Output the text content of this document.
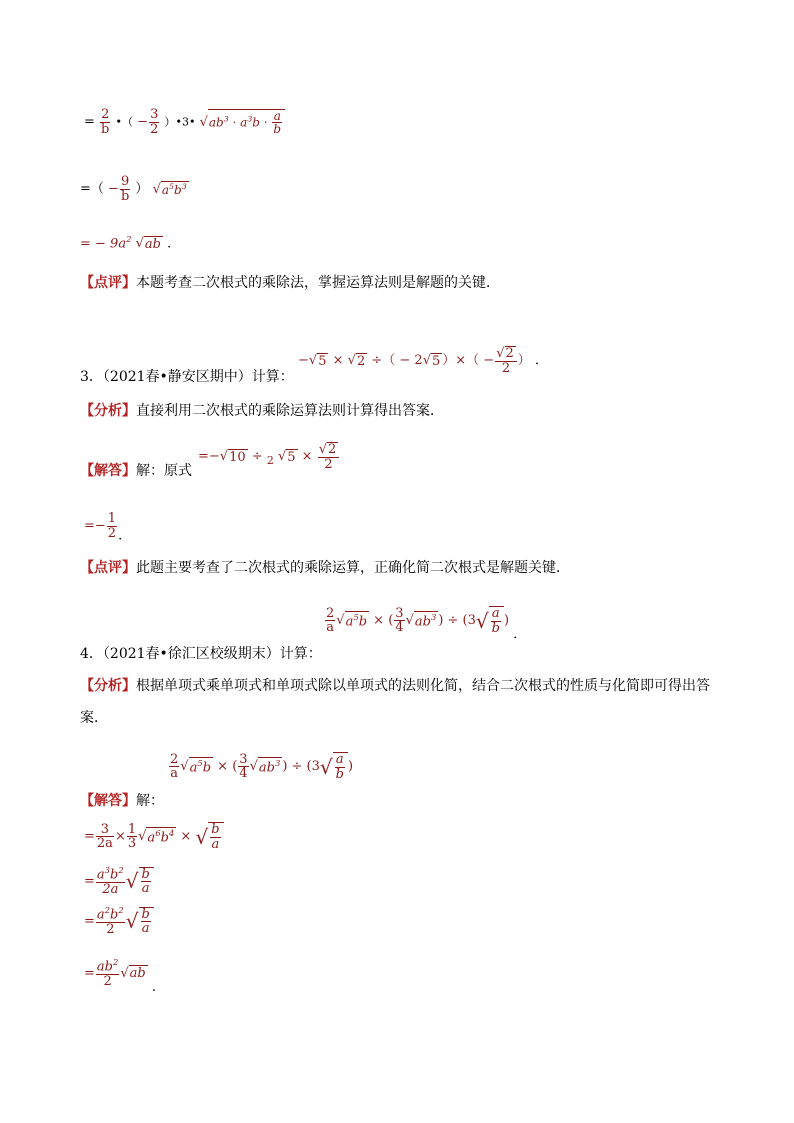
= $\frac{2}{b}$ •（ − $\frac{3}{2}$ ）•3• $√ab^3 \cdot a^3b \cdot \frac{a}{b}$
=（ − $\frac{9}{b}$ ） $√a^5b^3$
= − $9a^2$ √ab .
【点评】本题考查二次根式的乘除法，掌握运算法则是解题的关键．
3．（2021春•静安区期中）计算：
−√5 × √2 ÷（ − 2√5 ）×（ − $\frac{√2}{2}$ ） ．
【分析】直接利用二次根式的乘除运算法则计算得出答案．
【解答】解：原式
=−√10 ÷ $_2$ $√5 \times \frac{√2}{2}$
=− $\frac{1}{2}$ .
【点评】此题主要考查了二次根式的乘除运算，正确化简二次根式是解题关键．
4．（2021春•徐汇区校级期末）计算：
$\frac{2}{a} √a^5b$ × ( $\frac{3}{4} √ab^3$ ) ÷ ($3√ \frac{a}{b}$ ) ．
【分析】根据单项式乘单项式和单项式除以单项式的法则化简，结合二次根式的性质与化简即可得出答
案．
$\frac{2}{a} √a^5b$ × ( $\frac{3}{4} √ab^3$ ) ÷ ($3√ \frac{a}{b}$ )
【解答】解：
= $\frac{3}{2a} \times \frac{1}{3} √a^6b^4$ × √ $\frac{b}{a}$
= $\frac{a^3b^2}{2a}$ √ $\frac{b}{a}$
= $\frac{a^2b^2}{2}$ √ $\frac{b}{a}$
= $\frac{ab^2}{2} √ab$ .
